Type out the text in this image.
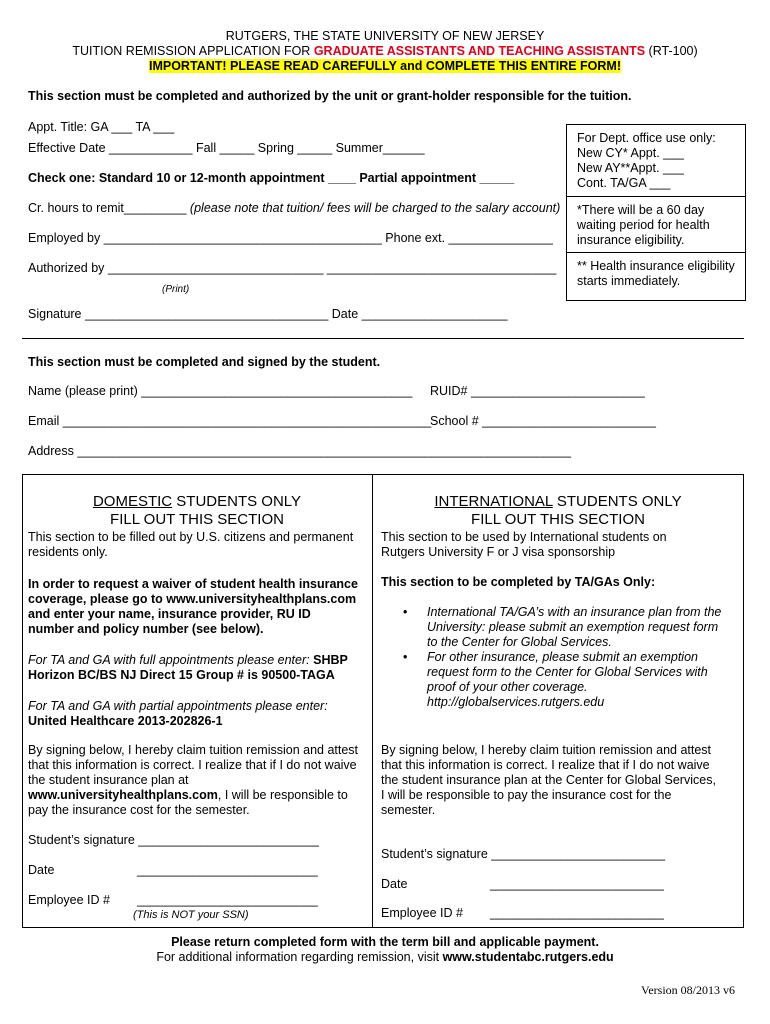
RUTGERS, THE STATE UNIVERSITY OF NEW JERSEY
TUITION REMISSION APPLICATION FOR GRADUATE ASSISTANTS AND TEACHING ASSISTANTS (RT-100)
IMPORTANT! PLEASE READ CAREFULLY and COMPLETE THIS ENTIRE FORM!
This section must be completed and authorized by the unit or grant-holder responsible for the tuition.
Appt. Title: GA ___ TA ___
Effective Date ____________ Fall _____ Spring _____ Summer______
Check one: Standard 10 or 12-month appointment ____ Partial appointment _____
Cr. hours to remit_________ (please note that tuition/ fees will be charged to the salary account)
Employed by ________________________________________ Phone ext. _______________
Authorized by _______________________________ _________________________________
(Print)
Signature ___________________________________ Date _____________________
For Dept. office use only:
New CY* Appt. ___
New AY**Appt. ___
Cont. TA/GA ___
*There will be a 60 day
waiting period for health
insurance eligibility.
** Health insurance eligibility
starts immediately.
This section must be completed and signed by the student.
Name (please print) _______________________________________ RUID# _________________________
Email _____________________________________________________
School # _________________________
Address _______________________________________________________________________
DOMESTIC STUDENTS ONLY
FILL OUT THIS SECTION
This section to be filled out by U.S. citizens and permanent
residents only.
In order to request a waiver of student health insurance
coverage, please go to www.universityhealthplans.com
and enter your name, insurance provider, RU ID
number and policy number (see below).
For TA and GA with full appointments please enter: SHBP
Horizon BC/BS NJ Direct 15 Group # is 90500-TAGA
For TA and GA with partial appointments please enter:
United Healthcare 2013-202826-1
By signing below, I hereby claim tuition remission and attest
that this information is correct. I realize that if I do not waive
the student insurance plan at
www.universityhealthplans.com, I will be responsible to
pay the insurance cost for the semester.
Student’s signature __________________________
Date	__________________________
Employee ID # __________________________
(This is NOT your SSN)
INTERNATIONAL STUDENTS ONLY
FILL OUT THIS SECTION
This section to be used by International students on
Rutgers University F or J visa sponsorship
This section to be completed by TA/GAs Only:
• International TA/GA’s with an insurance plan from the University: please submit an exemption request form to the Center for Global Services.
• For other insurance, please submit an exemption request form to the Center for Global Services with proof of your other coverage. http://globalservices.rutgers.edu
By signing below, I hereby claim tuition remission and attest
that this information is correct. I realize that if I do not waive
the student insurance plan at the Center for Global Services,
I will be responsible to pay the insurance cost for the
semester.
Student’s signature _________________________
Date	_________________________
Employee ID # _________________________
Please return completed form with the term bill and applicable payment.
For additional information regarding remission, visit www.studentabc.rutgers.edu
Version 08/2013 v6
